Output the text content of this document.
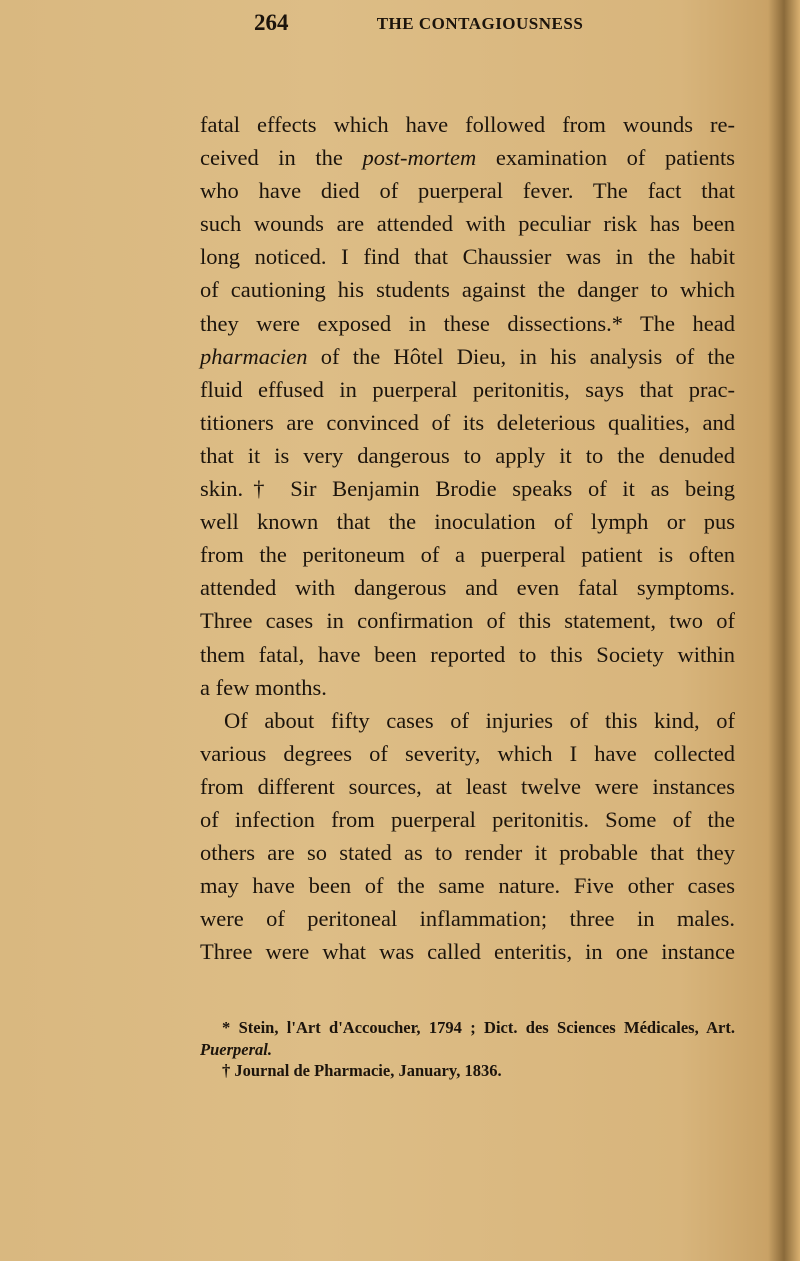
264	THE CONTAGIOUSNESS
fatal effects which have followed from wounds re-
ceived in the post-mortem examination of patients
who have died of puerperal fever. The fact that
such wounds are attended with peculiar risk has been
long noticed. I find that Chaussier was in the habit
of cautioning his students against the danger to which
they were exposed in these dissections.* The head
pharmacien of the Hôtel Dieu, in his analysis of the
fluid effused in puerperal peritonitis, says that prac-
titioners are convinced of its deleterious qualities, and
that it is very dangerous to apply it to the denuded
skin.† Sir Benjamin Brodie speaks of it as being
well known that the inoculation of lymph or pus
from the peritoneum of a puerperal patient is often
attended with dangerous and even fatal symptoms.
Three cases in confirmation of this statement, two of
them fatal, have been reported to this Society within
a few months.
Of about fifty cases of injuries of this kind, of
various degrees of severity, which I have collected
from different sources, at least twelve were instances
of infection from puerperal peritonitis. Some of the
others are so stated as to render it probable that they
may have been of the same nature. Five other cases
were of peritoneal inflammation; three in males.
Three were what was called enteritis, in one instance
* Stein, l'Art d'Accoucher, 1794 ; Dict. des Sciences Médicales, Art.
Puerperal.
† Journal de Pharmacie, January, 1836.
